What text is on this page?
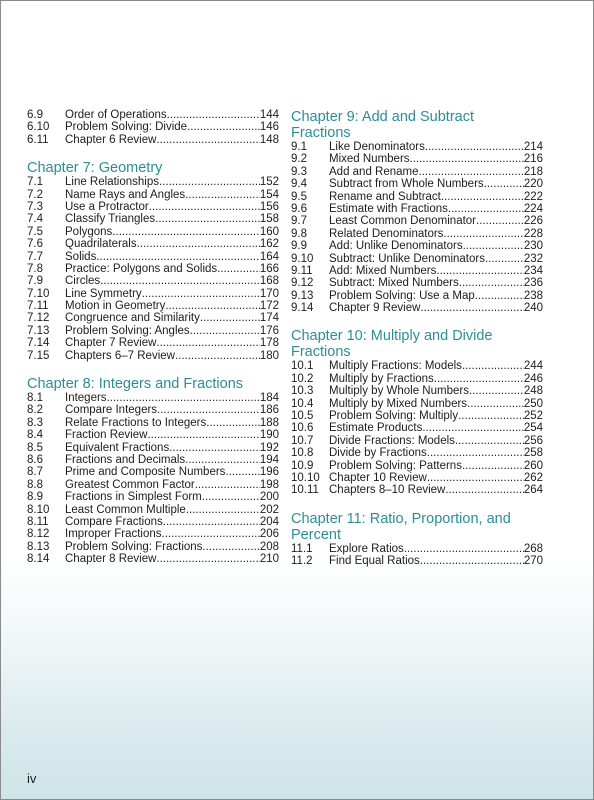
6.9	Order of Operations .....	144
6.10	Problem Solving: Divide .....	146
6.11	Chapter 6 Review .....	148
Chapter 7: Geometry
7.1	Line Relationships .....	152
7.2	Name Rays and Angles .....	154
7.3	Use a Protractor .....	156
7.4	Classify Triangles .....	158
7.5	Polygons .....	160
7.6	Quadrilaterals .....	162
7.7	Solids .....	164
7.8	Practice: Polygons and Solids .....	166
7.9	Circles .....	168
7.10	Line Symmetry .....	170
7.11	Motion in Geometry .....	172
7.12	Congruence and Similarity .....	174
7.13	Problem Solving: Angles .....	176
7.14	Chapter 7 Review .....	178
7.15	Chapters 6–7 Review .....	180
Chapter 8: Integers and Fractions
8.1	Integers .....	184
8.2	Compare Integers .....	186
8.3	Relate Fractions to Integers .....	188
8.4	Fraction Review .....	190
8.5	Equivalent Fractions .....	192
8.6	Fractions and Decimals .....	194
8.7	Prime and Composite Numbers .....	196
8.8	Greatest Common Factor .....	198
8.9	Fractions in Simplest Form .....	200
8.10	Least Common Multiple .....	202
8.11	Compare Fractions .....	204
8.12	Improper Fractions .....	206
8.13	Problem Solving: Fractions .....	208
8.14	Chapter 8 Review .....	210
Chapter 9: Add and Subtract
Fractions
9.1	Like Denominators .....	214
9.2	Mixed Numbers .....	216
9.3	Add and Rename .....	218
9.4	Subtract from Whole Numbers .....	220
9.5	Rename and Subtract .....	222
9.6	Estimate with Fractions .....	224
9.7	Least Common Denominator .....	226
9.8	Related Denominators .....	228
9.9	Add: Unlike Denominators .....	230
9.10	Subtract: Unlike Denominators .....	232
9.11	Add: Mixed Numbers .....	234
9.12	Subtract: Mixed Numbers .....	236
9.13	Problem Solving: Use a Map .....	238
9.14	Chapter 9 Review .....	240
Chapter 10: Multiply and Divide
Fractions
10.1	Multiply Fractions: Models .....	244
10.2	Multiply by Fractions .....	246
10.3	Multiply by Whole Numbers .....	248
10.4	Multiply by Mixed Numbers .....	250
10.5	Problem Solving: Multiply .....	252
10.6	Estimate Products .....	254
10.7	Divide Fractions: Models .....	256
10.8	Divide by Fractions .....	258
10.9	Problem Solving: Patterns .....	260
10.10 Chapter 10 Review .....	262
10.11 Chapters 8–10 Review .....	264
Chapter 11: Ratio, Proportion, and
Percent
11.1	Explore Ratios .....	268
11.2	Find Equal Ratios .....	270
iv
